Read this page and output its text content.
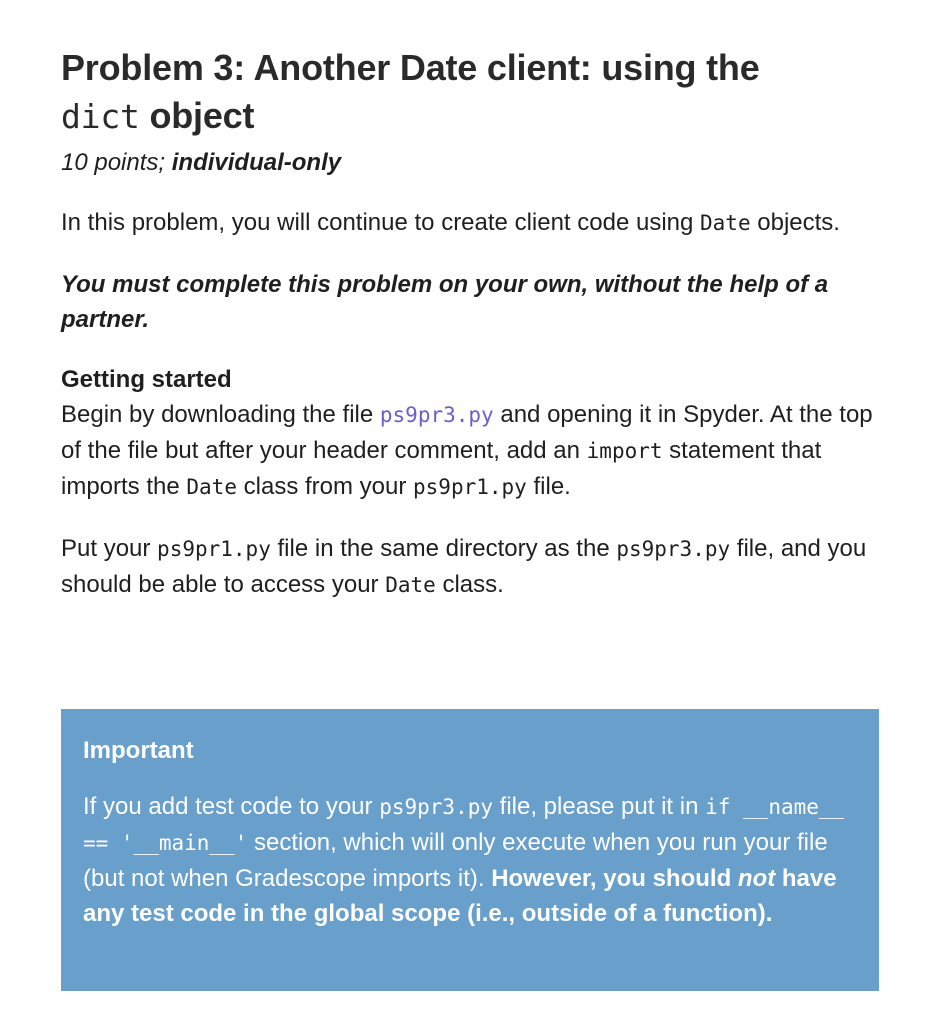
Problem 3: Another Date client: using the
dict object
10 points; individual-only
In this problem, you will continue to create client code using Date objects.
You must complete this problem on your own, without the help of a partner.
Getting started
Begin by downloading the file ps9pr3.py and opening it in Spyder. At the top of the file but after your header comment, add an import statement that imports the Date class from your ps9pr1.py file.
Put your ps9pr1.py file in the same directory as the ps9pr3.py file, and you should be able to access your Date class.
Important
If you add test code to your ps9pr3.py file, please put it in if __name__ == '__main__' section, which will only execute when you run your file (but not when Gradescope imports it). However, you should not have any test code in the global scope (i.e., outside of a function).
